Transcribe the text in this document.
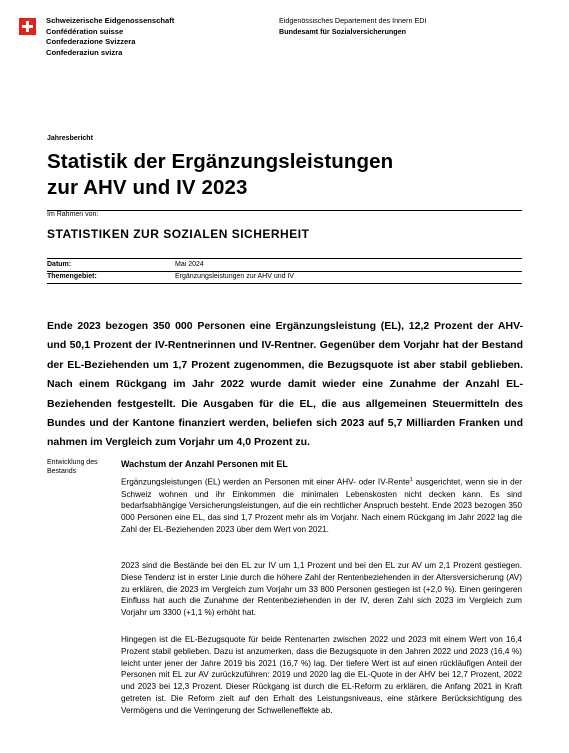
Schweizerische Eidgenossenschaft
Confédération suisse
Confederazione Svizzera
Confederaziun svizra
Eidgenössisches Departement des Innern EDI
Bundesamt für Sozialversicherungen
Jahresbericht
Statistik der Ergänzungsleistungen
zur AHV und IV 2023
Im Rahmen von:
STATISTIKEN ZUR SOZIALEN SICHERHEIT
Datum:	Mai 2024
Themengebiet:	Ergänzungsleistungen zur AHV und IV
Ende 2023 bezogen 350 000 Personen eine Ergänzungsleistung (EL), 12,2 Prozent der AHV- und 50,1 Prozent der IV-Rentnerinnen und IV-Rentner. Gegenüber dem Vorjahr hat der Bestand der EL-Beziehenden um 1,7 Prozent zugenommen, die Bezugsquote ist aber stabil geblieben. Nach einem Rückgang im Jahr 2022 wurde damit wieder eine Zunahme der Anzahl EL-Beziehenden festgestellt. Die Ausgaben für die EL, die aus allgemeinen Steuermitteln des Bundes und der Kantone finanziert werden, beliefen sich 2023 auf 5,7 Milliarden Franken und nahmen im Vergleich zum Vorjahr um 4,0 Prozent zu.
Entwicklung des
Bestands
Wachstum der Anzahl Personen mit EL

Ergänzungsleistungen (EL) werden an Personen mit einer AHV- oder IV-Rente$^1$ ausgerichtet, wenn sie in der Schweiz wohnen und ihr Einkommen die minimalen Lebenskosten nicht decken kann. Es sind bedarfsabhängige Versicherungsleistungen, auf die ein rechtlicher Anspruch besteht. Ende 2023 bezogen 350 000 Personen eine EL, das sind 1,7 Prozent mehr als im Vorjahr. Nach einem Rückgang im Jahr 2022 lag die Zahl der EL-Beziehenden 2023 über dem Wert von 2021.

2023 sind die Bestände bei den EL zur IV um 1,1 Prozent und bei den EL zur AV um 2,1 Prozent gestiegen. Diese Tendenz ist in erster Linie durch die höhere Zahl der Rentenbeziehenden in der Altersversicherung (AV) zu erklären, die 2023 im Vergleich zum Vorjahr um 33 800 Personen gestiegen ist (+2,0 %). Einen geringeren Einfluss hat auch die Zunahme der Rentenbeziehenden in der IV, deren Zahl sich 2023 im Vergleich zum Vorjahr um 3300 (+1,1 %) erhöht hat.

Hingegen ist die EL-Bezugsquote für beide Rentenarten zwischen 2022 und 2023 mit einem Wert von 16,4 Prozent stabil geblieben. Dazu ist anzumerken, dass die Bezugsquote in den Jahren 2022 und 2023 (16,4 %) leicht unter jener der Jahre 2019 bis 2021 (16,7 %) lag. Der tiefere Wert ist auf einen rückläufigen Anteil der Personen mit EL zur AV zurückzuführen: 2019 und 2020 lag die EL-Quote in der AHV bei 12,7 Prozent, 2022 und 2023 bei 12,3 Prozent. Dieser Rückgang ist durch die EL-Reform zu erklären, die Anfang 2021 in Kraft getreten ist. Die Reform zielt auf den Erhalt des Leistungsniveaus, eine stärkere Berücksichtigung des Vermögens und die Verringerung der Schwelleneffekte ab.
